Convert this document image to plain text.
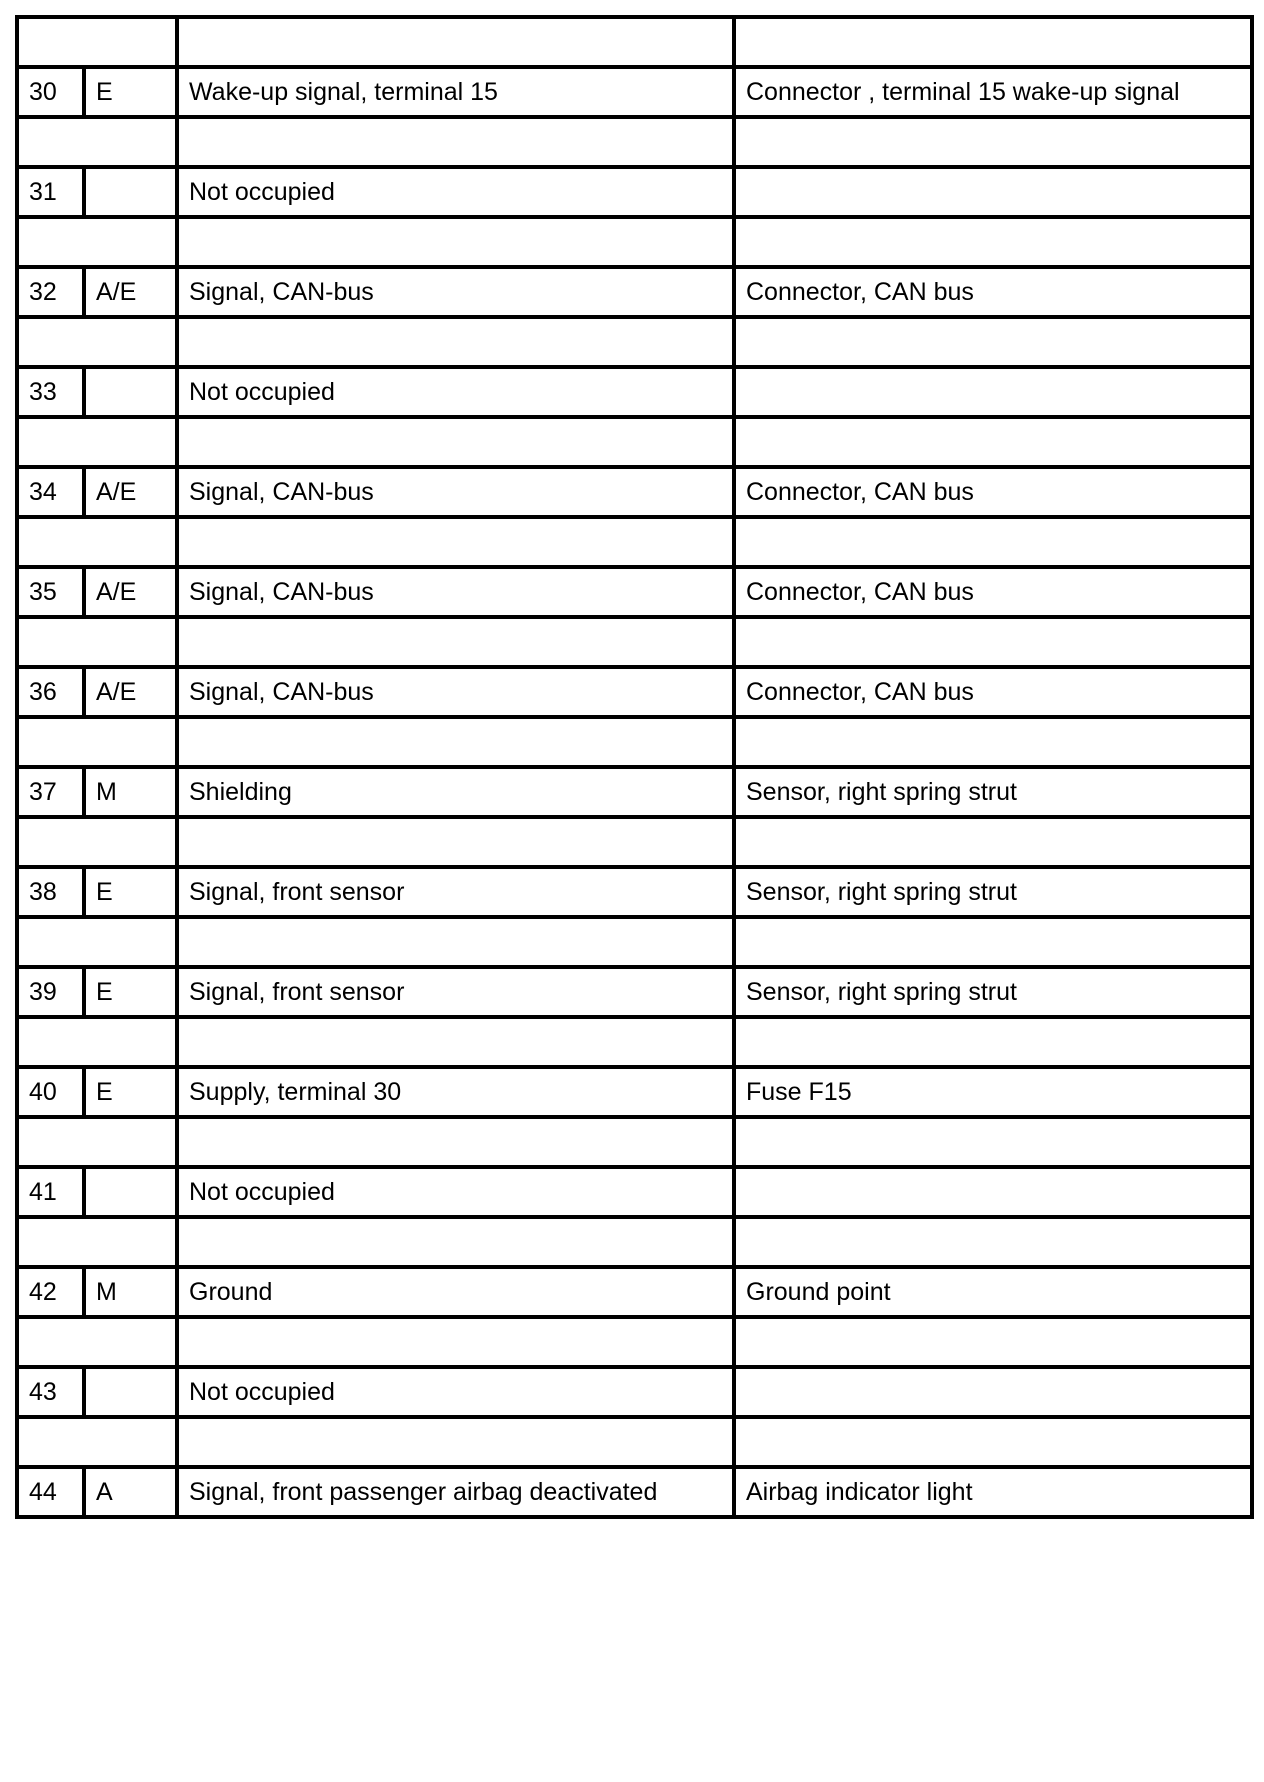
30	E	Wake-up signal, terminal 15	Connector , terminal 15 wake-up signal

31		Not occupied	

32	A/E	Signal, CAN-bus	Connector, CAN bus

33		Not occupied	

34	A/E	Signal, CAN-bus	Connector, CAN bus

35	A/E	Signal, CAN-bus	Connector, CAN bus

36	A/E	Signal, CAN-bus	Connector, CAN bus

37	M	Shielding	Sensor, right spring strut

38	E	Signal, front sensor	Sensor, right spring strut

39	E	Signal, front sensor	Sensor, right spring strut

40	E	Supply, terminal 30	Fuse F15

41		Not occupied	

42	M	Ground	Ground point

43		Not occupied	

44	A	Signal, front passenger airbag deactivated	Airbag indicator light
